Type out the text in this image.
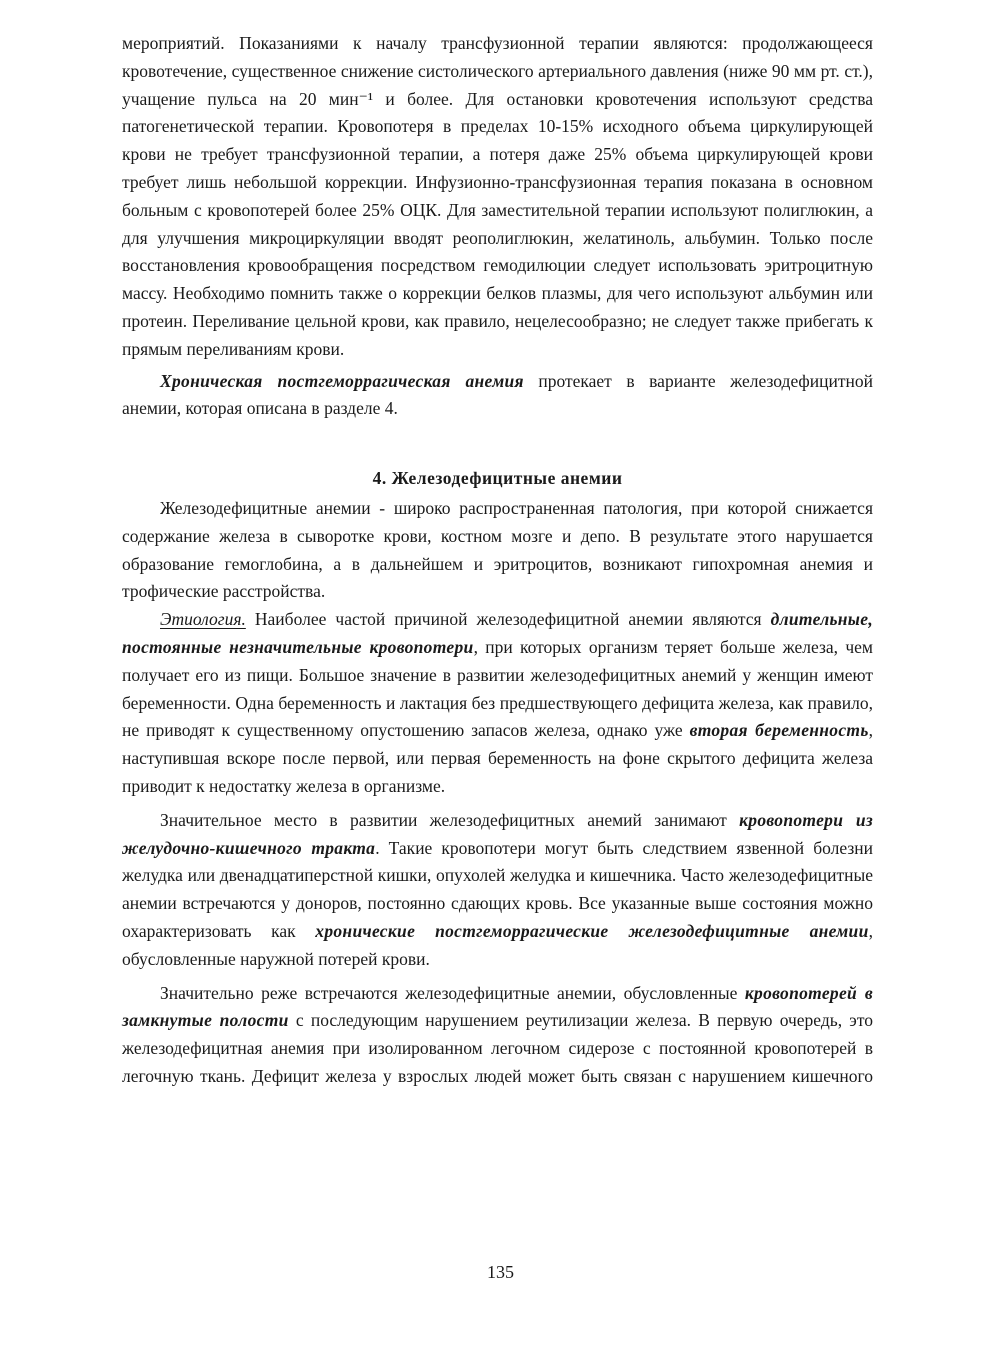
мероприятий. Показаниями к началу трансфузионной терапии являются: продолжающееся кровотечение, существенное снижение систолического артериального давления (ниже 90 мм рт. ст.), учащение пульса на 20 мин⁻¹ и более. Для остановки кровотечения используют средства патогенетической терапии. Кровопотеря в пределах 10-15% исходного объема циркулирующей крови не требует трансфузионной терапии, а потеря даже 25% объема циркулирующей крови требует лишь небольшой коррекции. Инфузионно-трансфузионная терапия показана в основном больным с кровопотерей более 25% ОЦК. Для заместительной терапии используют полиглюкин, а для улучшения микроциркуляции вводят реополиглюкин, желатиноль, альбумин. Только после восстановления кровообращения посредством гемодилюции следует использовать эритроцитную массу. Необходимо помнить также о коррекции белков плазмы, для чего используют альбумин или протеин. Переливание цельной крови, как правило, нецелесообразно; не следует также прибегать к прямым переливаниям крови.

Хроническая постгеморрагическая анемия протекает в варианте железодефицитной анемии, которая описана в разделе 4.

4. Железодефицитные анемии

Железодефицитные анемии - широко распространенная патология, при которой снижается содержание железа в сыворотке крови, костном мозге и депо. В результате этого нарушается образование гемоглобина, а в дальнейшем и эритроцитов, возникают гипохромная анемия и трофические расстройства.

Этиология. Наиболее частой причиной железодефицитной анемии являются длительные, постоянные незначительные кровопотери, при которых организм теряет больше железа, чем получает его из пищи. Большое значение в развитии железодефицитных анемий у женщин имеют беременности. Одна беременность и лактация без предшествующего дефицита железа, как правило, не приводят к существенному опустошению запасов железа, однако уже вторая беременность, наступившая вскоре после первой, или первая беременность на фоне скрытого дефицита железа приводит к недостатку железа в организме.

Значительное место в развитии железодефицитных анемий занимают кровопотери из желудочно-кишечного тракта. Такие кровопотери могут быть следствием язвенной болезни желудка или двенадцатиперстной кишки, опухолей желудка и кишечника. Часто железодефицитные анемии встречаются у доноров, постоянно сдающих кровь. Все указанные выше состояния можно охарактеризовать как хронические постгеморрагические железодефицитные анемии, обусловленные наружной потерей крови.

Значительно реже встречаются железодефицитные анемии, обусловленные кровопотерей в замкнутые полости с последующим нарушением реутилизации железа. В первую очередь, это железодефицитная анемия при изолированном легочном сидерозе с постоянной кровопотерей в легочную ткань. Дефицит железа у взрослых людей может быть связан с нарушением кишечного

135
